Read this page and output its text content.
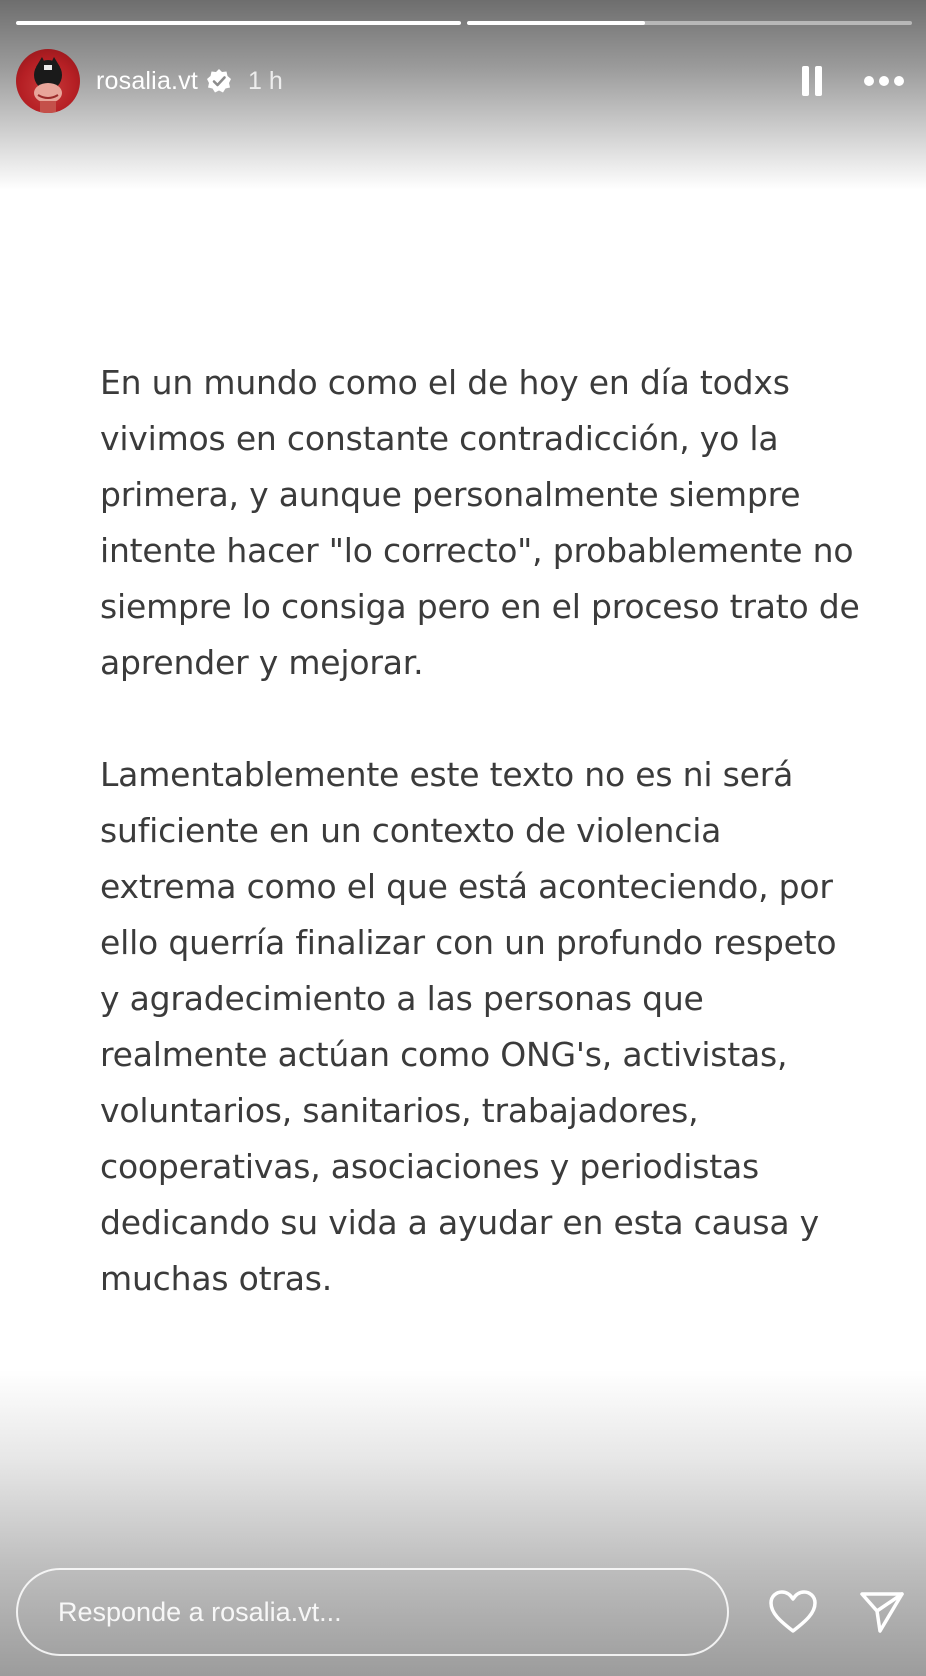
rosalia.vt 1 h

En un mundo como el de hoy en día todxs vivimos en constante contradicción, yo la primera, y aunque personalmente siempre intente hacer "lo correcto", probablemente no siempre lo consiga pero en el proceso trato de aprender y mejorar.

Lamentablemente este texto no es ni será suficiente en un contexto de violencia extrema como el que está aconteciendo, por ello querría finalizar con un profundo respeto y agradecimiento a las personas que realmente actúan como ONG's, activistas, voluntarios, sanitarios, trabajadores, cooperativas, asociaciones y periodistas dedicando su vida a ayudar en esta causa y muchas otras.

Responde a rosalia.vt...
